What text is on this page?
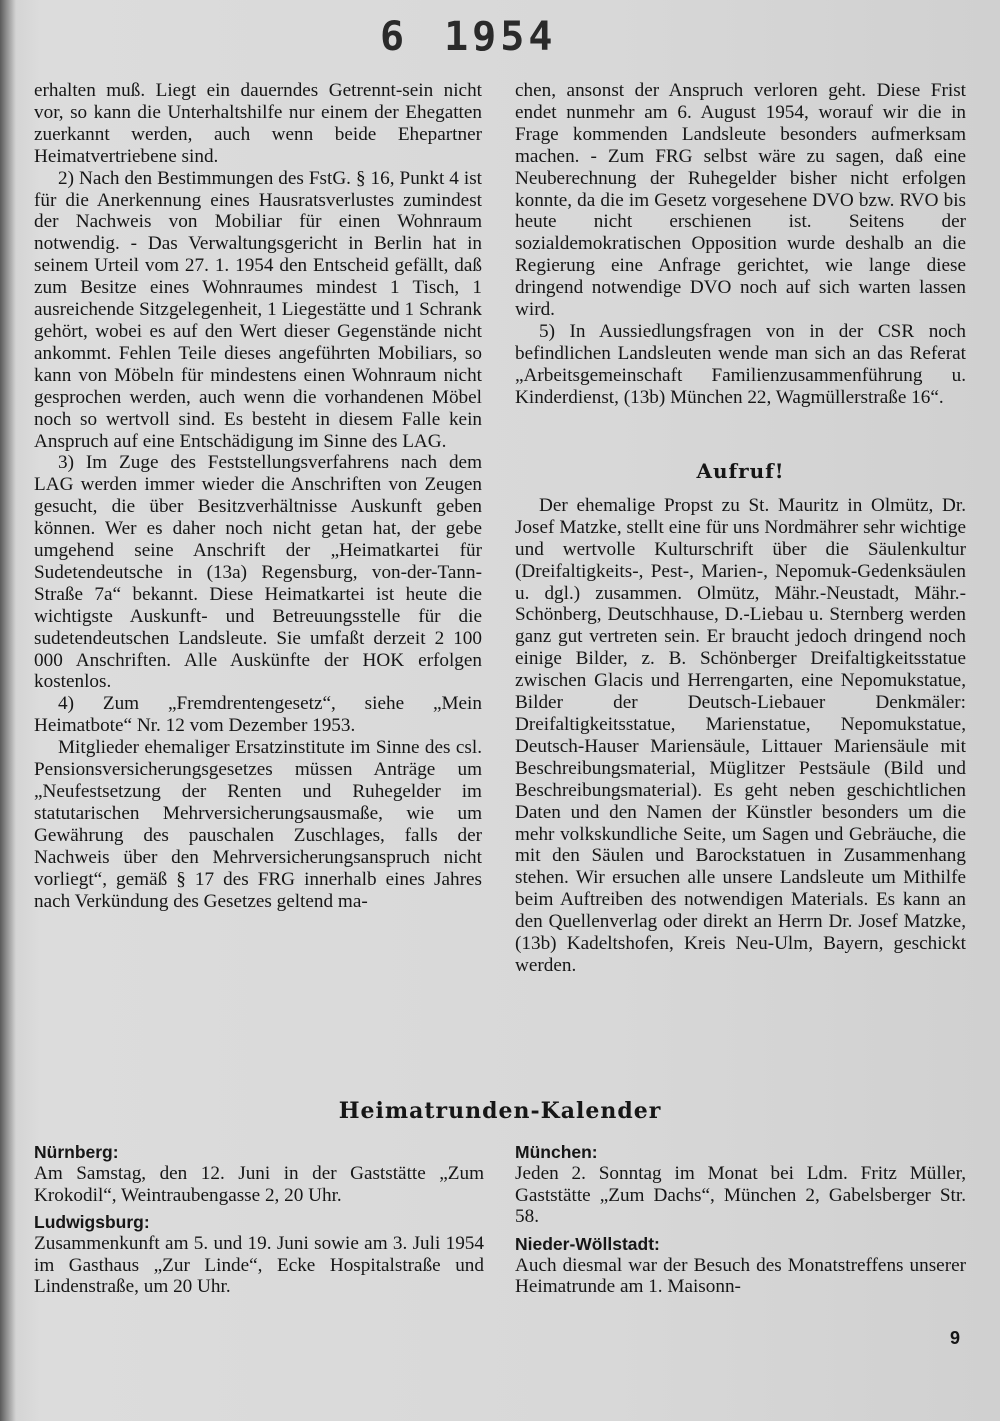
6 1954

erhalten muß. Liegt ein dauerndes Getrennt-sein nicht vor, so kann die Unterhaltshilfe nur einem der Ehegatten zuerkannt werden, auch wenn beide Ehepartner Heimatvertriebene sind.

2) Nach den Bestimmungen des FstG. § 16, Punkt 4 ist für die Anerkennung eines Hausratsverlustes zumindest der Nachweis von Mobiliar für einen Wohnraum notwendig. - Das Verwaltungsgericht in Berlin hat in seinem Urteil vom 27. 1. 1954 den Entscheid gefällt, daß zum Besitze eines Wohnraumes mindest 1 Tisch, 1 ausreichende Sitzgelegenheit, 1 Liegestätte und 1 Schrank gehört, wobei es auf den Wert dieser Gegenstände nicht ankommt. Fehlen Teile dieses angeführten Mobiliars, so kann von Möbeln für mindestens einen Wohnraum nicht gesprochen werden, auch wenn die vorhandenen Möbel noch so wertvoll sind. Es besteht in diesem Falle kein Anspruch auf eine Entschädigung im Sinne des LAG.

3) Im Zuge des Feststellungsverfahrens nach dem LAG werden immer wieder die Anschriften von Zeugen gesucht, die über Besitzverhältnisse Auskunft geben können. Wer es daher noch nicht getan hat, der gebe umgehend seine Anschrift der „Heimatkartei für Sudetendeutsche in (13a) Regensburg, von-der-Tann-Straße 7a“ bekannt. Diese Heimatkartei ist heute die wichtigste Auskunft- und Betreuungsstelle für die sudetendeutschen Landsleute. Sie umfaßt derzeit 2 100 000 Anschriften. Alle Auskünfte der HOK erfolgen kostenlos.

4) Zum „Fremdrentengesetz“, siehe „Mein Heimatbote“ Nr. 12 vom Dezember 1953.

Mitglieder ehemaliger Ersatzinstitute im Sinne des csl. Pensionsversicherungsgesetzes müssen Anträge um „Neufestsetzung der Renten und Ruhegelder im statutarischen Mehrversicherungsausmaße, wie um Gewährung des pauschalen Zuschlages, falls der Nachweis über den Mehrversicherungsanspruch nicht vorliegt“, gemäß § 17 des FRG innerhalb eines Jahres nach Verkündung des Gesetzes geltend ma-

chen, ansonst der Anspruch verloren geht. Diese Frist endet nunmehr am 6. August 1954, worauf wir die in Frage kommenden Landsleute besonders aufmerksam machen. - Zum FRG selbst wäre zu sagen, daß eine Neuberechnung der Ruhegelder bisher nicht erfolgen konnte, da die im Gesetz vorgesehene DVO bzw. RVO bis heute nicht erschienen ist. Seitens der sozialdemokratischen Opposition wurde deshalb an die Regierung eine Anfrage gerichtet, wie lange diese dringend notwendige DVO noch auf sich warten lassen wird.

5) In Aussiedlungsfragen von in der CSR noch befindlichen Landsleuten wende man sich an das Referat „Arbeitsgemeinschaft Familienzusammenführung u. Kinderdienst, (13b) München 22, Wagmüllerstraße 16“.

Aufruf!

Der ehemalige Propst zu St. Mauritz in Olmütz, Dr. Josef Matzke, stellt eine für uns Nordmährer sehr wichtige und wertvolle Kulturschrift über die Säulenkultur (Dreifaltigkeits-, Pest-, Marien-, Nepomuk-Gedenksäulen u. dgl.) zusammen. Olmütz, Mähr.-Neustadt, Mähr.-Schönberg, Deutschhause, D.-Liebau u. Sternberg werden ganz gut vertreten sein. Er braucht jedoch dringend noch einige Bilder, z. B. Schönberger Dreifaltigkeitsstatue zwischen Glacis und Herrengarten, eine Nepomukstatue, Bilder der Deutsch-Liebauer Denkmäler: Dreifaltigkeitsstatue, Marienstatue, Nepomukstatue, Deutsch-Hauser Mariensäule, Littauer Mariensäule mit Beschreibungsmaterial, Müglitzer Pestsäule (Bild und Beschreibungsmaterial). Es geht neben geschichtlichen Daten und den Namen der Künstler besonders um die mehr volkskundliche Seite, um Sagen und Gebräuche, die mit den Säulen und Barockstatuen in Zusammenhang stehen. Wir ersuchen alle unsere Landsleute um Mithilfe beim Auftreiben des notwendigen Materials. Es kann an den Quellenverlag oder direkt an Herrn Dr. Josef Matzke, (13b) Kadeltshofen, Kreis Neu-Ulm, Bayern, geschickt werden.

Heimatrunden-Kalender
Nürnberg:

Am Samstag, den 12. Juni in der Gaststätte „Zum Krokodil“, Weintraubengasse 2, 20 Uhr.

Ludwigsburg:

Zusammenkunft am 5. und 19. Juni sowie am 3. Juli 1954 im Gasthaus „Zur Linde“, Ecke Hospitalstraße und Lindenstraße, um 20 Uhr.

München:

Jeden 2. Sonntag im Monat bei Ldm. Fritz Müller, Gaststätte „Zum Dachs“, München 2, Gabelsberger Str. 58.

Nieder-Wöllstadt:

Auch diesmal war der Besuch des Monatstreffens unserer Heimatrunde am 1. Maisonn-

9
